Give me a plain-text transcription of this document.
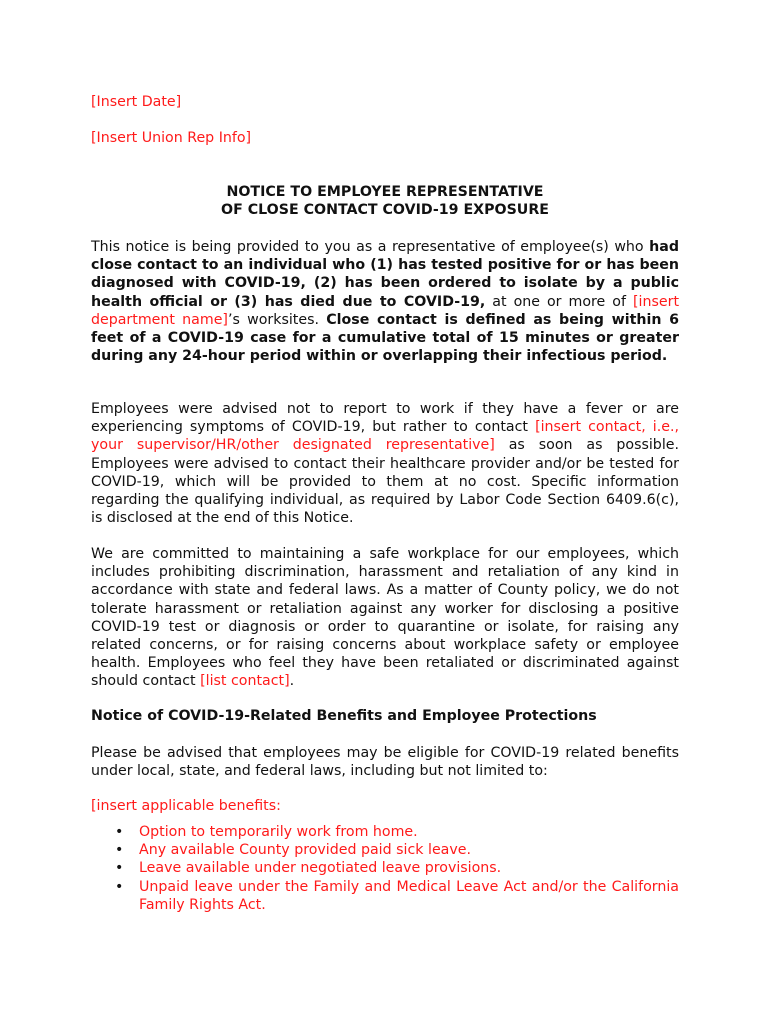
[Insert Date]

[Insert Union Rep Info]

NOTICE TO EMPLOYEE REPRESENTATIVE
OF CLOSE CONTACT COVID-19 EXPOSURE

This notice is being provided to you as a representative of employee(s) who had close contact to an individual who (1) has tested positive for or has been diagnosed with COVID-19, (2) has been ordered to isolate by a public health official or (3) has died due to COVID-19, at one or more of [insert department name]’s worksites. Close contact is defined as being within 6 feet of a COVID-19 case for a cumulative total of 15 minutes or greater during any 24-hour period within or overlapping their infectious period.

Employees were advised not to report to work if they have a fever or are experiencing symptoms of COVID-19, but rather to contact [insert contact, i.e., your supervisor/HR/other designated representative] as soon as possible. Employees were advised to contact their healthcare provider and/or be tested for COVID-19, which will be provided to them at no cost. Specific information regarding the qualifying individual, as required by Labor Code Section 6409.6(c), is disclosed at the end of this Notice.

We are committed to maintaining a safe workplace for our employees, which includes prohibiting discrimination, harassment and retaliation of any kind in accordance with state and federal laws. As a matter of County policy, we do not tolerate harassment or retaliation against any worker for disclosing a positive COVID-19 test or diagnosis or order to quarantine or isolate, for raising any related concerns, or for raising concerns about workplace safety or employee health. Employees who feel they have been retaliated or discriminated against should contact [list contact].

Notice of COVID-19-Related Benefits and Employee Protections

Please be advised that employees may be eligible for COVID-19 related benefits under local, state, and federal laws, including but not limited to:

[insert applicable benefits:

• Option to temporarily work from home.
• Any available County provided paid sick leave.
• Leave available under negotiated leave provisions.
• Unpaid leave under the Family and Medical Leave Act and/or the California Family Rights Act.
